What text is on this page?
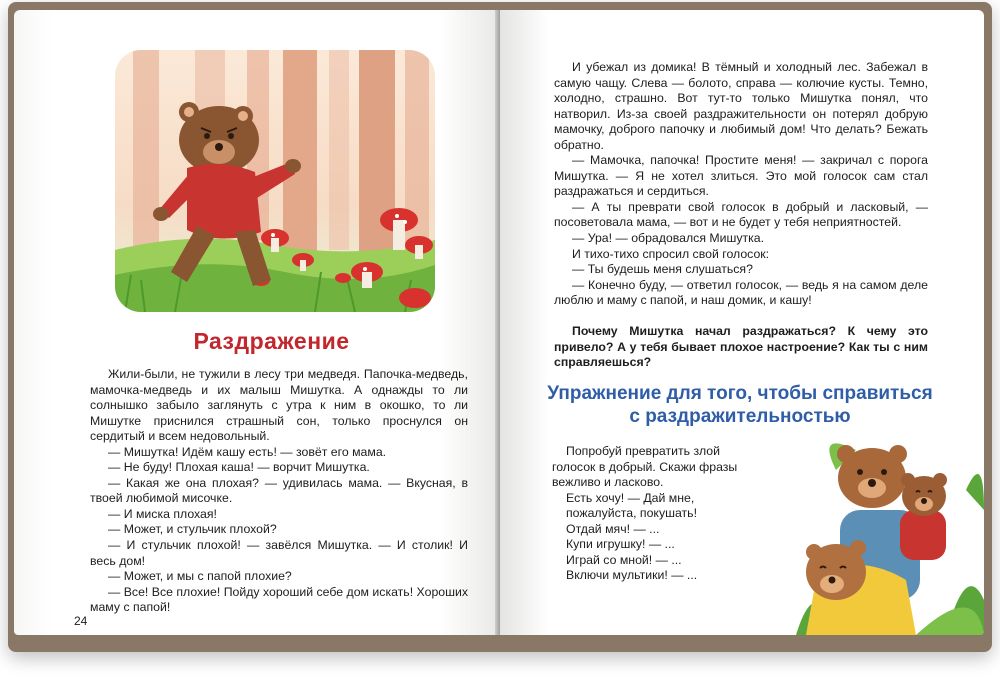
Раздражение

Жили-были, не тужили в лесу три медведя. Папочка-медведь, мамочка-медведь и их малыш Мишутка. А однажды то ли солнышко забыло заглянуть с утра к ним в окошко, то ли Мишутке приснился страшный сон, только проснулся он сердитый и всем недовольный.

— Мишутка! Идём кашу есть! — зовёт его мама.

— Не буду! Плохая каша! — ворчит Мишутка.

— Какая же она плохая? — удивилась мама. — Вкусная, в твоей любимой мисочке.

— И миска плохая!

— Может, и стульчик плохой?

— И стульчик плохой! — завёлся Мишутка. — И столик! И весь дом!

— Может, и мы с папой плохие?

— Все! Все плохие! Пойду хороший себе дом искать! Хороших маму с папой!

24

И убежал из домика! В тёмный и холодный лес. Забежал в самую чащу. Слева — болото, справа — колючие кусты. Темно, холодно, страшно. Вот тут-то только Мишутка понял, что натворил. Из-за своей раздражительности он потерял добрую мамочку, доброго папочку и любимый дом! Что делать? Бежать обратно.

— Мамочка, папочка! Простите меня! — закричал с порога Мишутка. — Я не хотел злиться. Это мой голосок сам стал раздражаться и сердиться.

— А ты преврати свой голосок в добрый и ласковый, — посоветовала мама, — вот и не будет у тебя неприятностей.

— Ура! — обрадовался Мишутка.

И тихо-тихо спросил свой голосок:

— Ты будешь меня слушаться?

— Конечно буду, — ответил голосок, — ведь я на самом деле люблю и маму с папой, и наш домик, и кашу!

Почему Мишутка начал раздражаться? К чему это привело? А у тебя бывает плохое настроение? Как ты с ним справляешься?

Упражнение для того, чтобы справиться с раздражительностью

Попробуй превратить злой голосок в добрый. Скажи фразы вежливо и ласково.

Есть хочу! — Дай мне, пожалуйста, покушать!

Отдай мяч! — ...

Купи игрушку! — ...

Играй со мной! — ...

Включи мультики! — ...
